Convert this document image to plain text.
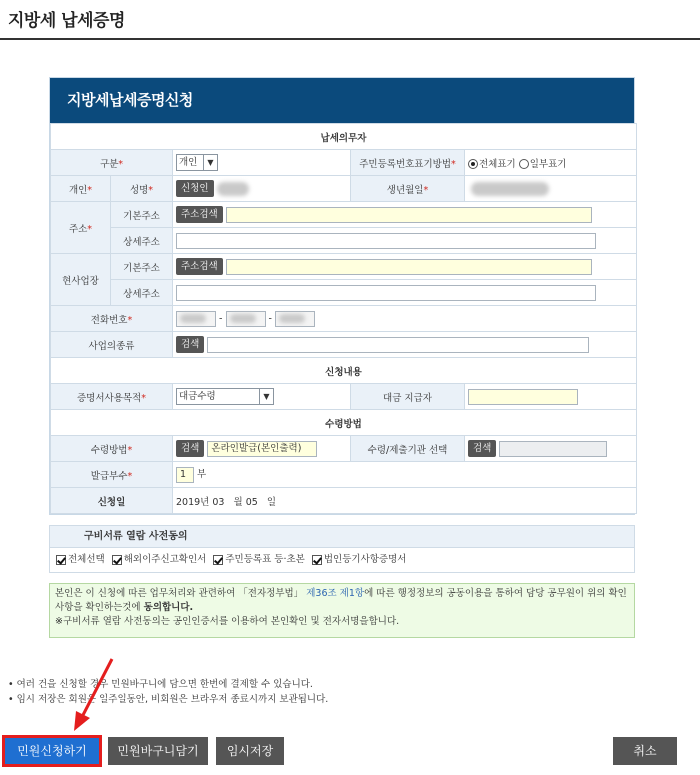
지방세 납세증명
지방세납세증명신청
납세의무자				
구분*		개인 ▼	주민등록번호표기방법*	전체표기 일부표기
개인*	성명*	신청인	생년월일*	
주소*	기본주소	주소검색		
	상세주소			
현사업장	기본주소	주소검색		
	상세주소			
전화번호*		- -		
사업의종류		검색		
신청내용				
증명서사용목적*		대금수령 ▼	대금 지급자	
수령방법				
수령방법*		검색 온라인발급(본인출력)	수령/제출기관 선택	검색
발급부수*		1 부		
신청일		2019년 03   월 05   일		
구비서류 열람 사전동의
전체선택 해외이주신고확인서 주민등록표 등·초본 법인등기사항증명서
본인은 이 신청에 따른 업무처리와 관련하여 「전자정부법」 제36조 제1항에 따른 행정정보의 공동이용을 통하여 담당 공무원이 위의 확인
사항을 확인하는것에 동의합니다.
※구비서류 열람 사전동의는 공인인증서를 이용하여 본인확인 및 전자서명을합니다.
• 여러 건을 신청할 경우 민원바구니에 담으면 한번에 결제할 수 있습니다.
• 임시 저장은 회원은 일주일동안, 비회원은 브라우저 종료시까지 보관됩니다.
민원신청하기	민원바구니담기	임시저장	취소
